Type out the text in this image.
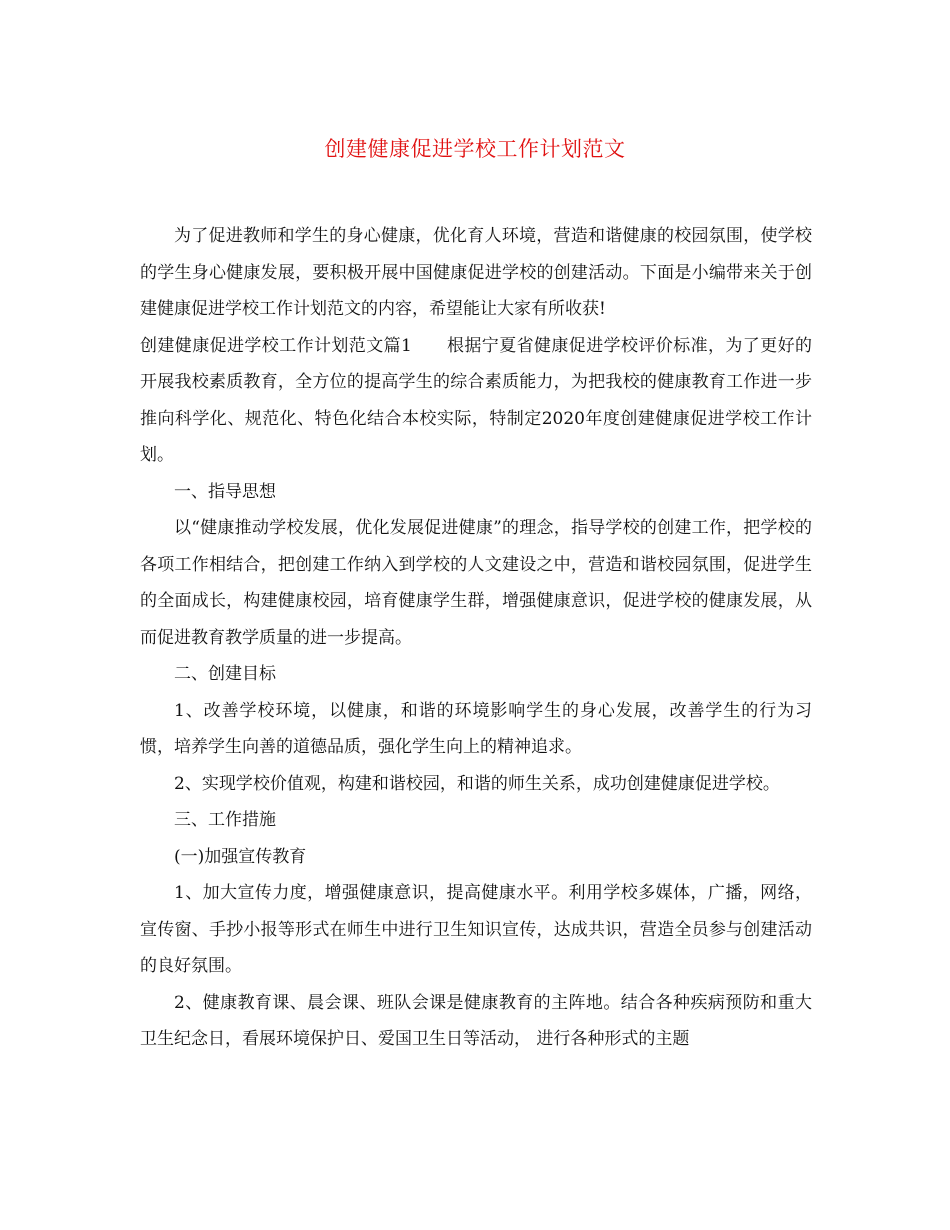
创建健康促进学校工作计划范文

为了促进教师和学生的身心健康，优化育人环境，营造和谐健康的校园氛围，使学校的学生身心健康发展，要积极开展中国健康促进学校的创建活动。下面是小编带来关于创建健康促进学校工作计划范文的内容，希望能让大家有所收获!

创建健康促进学校工作计划范文篇1　　根据宁夏省健康促进学校评价标准，为了更好的开展我校素质教育，全方位的提高学生的综合素质能力，为把我校的健康教育工作进一步推向科学化、规范化、特色化结合本校实际，特制定2020年度创建健康促进学校工作计划。

一、指导思想

以“健康推动学校发展，优化发展促进健康”的理念，指导学校的创建工作，把学校的各项工作相结合，把创建工作纳入到学校的人文建设之中，营造和谐校园氛围，促进学生的全面成长，构建健康校园，培育健康学生群，增强健康意识，促进学校的健康发展，从而促进教育教学质量的进一步提高。

二、创建目标

1、改善学校环境，以健康，和谐的环境影响学生的身心发展，改善学生的行为习惯，培养学生向善的道德品质，强化学生向上的精神追求。

2、实现学校价值观，构建和谐校园，和谐的师生关系，成功创建健康促进学校。

三、工作措施

(一)加强宣传教育

1、加大宣传力度，增强健康意识，提高健康水平。利用学校多媒体，广播，网络，宣传窗、手抄小报等形式在师生中进行卫生知识宣传，达成共识，营造全员参与创建活动的良好氛围。

2、健康教育课、晨会课、班队会课是健康教育的主阵地。结合各种疾病预防和重大卫生纪念日，看展环境保护日、爱国卫生日等活动， 进行各种形式的主题
